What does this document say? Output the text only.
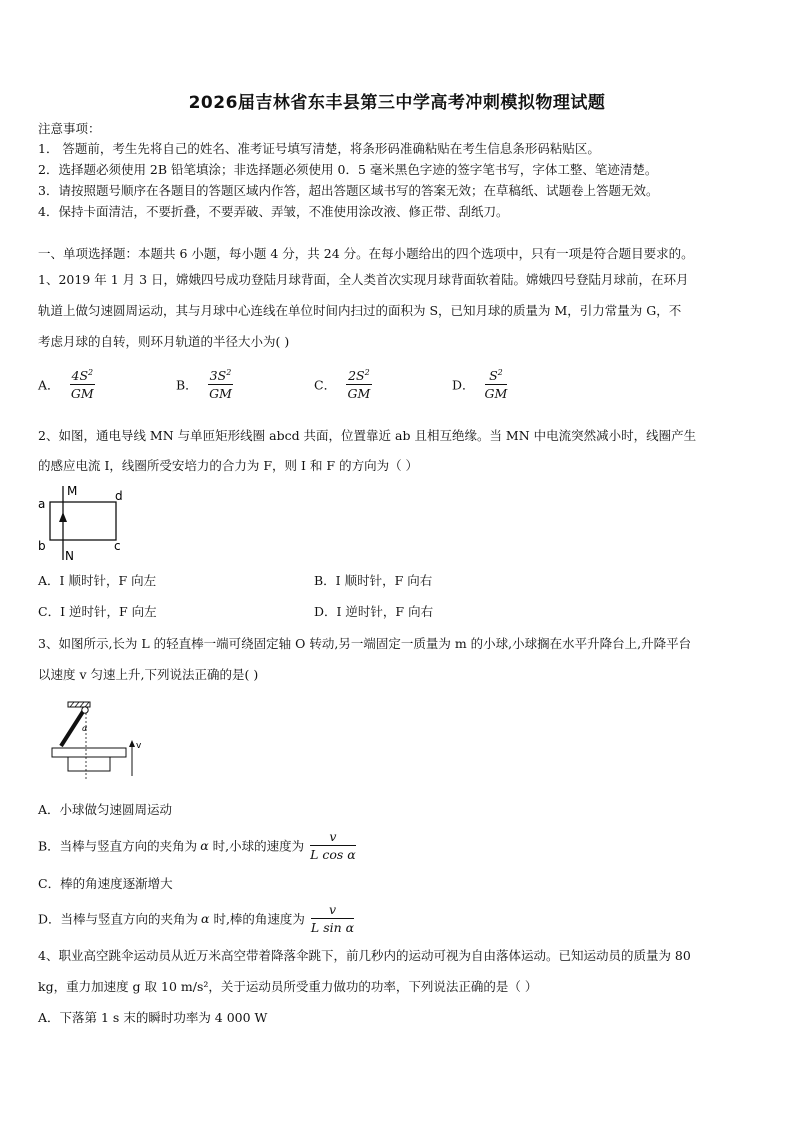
2026届吉林省东丰县第三中学高考冲刺模拟物理试题
注意事项：
1． 答题前，考生先将自己的姓名、准考证号填写清楚，将条形码准确粘贴在考生信息条形码粘贴区。
2．选择题必须使用 2B 铅笔填涂；非选择题必须使用 0．5 毫米黑色字迹的签字笔书写，字体工整、笔迹清楚。
3．请按照题号顺序在各题目的答题区域内作答，超出答题区域书写的答案无效；在草稿纸、试题卷上答题无效。
4．保持卡面清洁，不要折叠，不要弄破、弄皱，不准使用涂改液、修正带、刮纸刀。
一、单项选择题：本题共 6 小题，每小题 4 分，共 24 分。在每小题给出的四个选项中，只有一项是符合题目要求的。
1、2019 年 1 月 3 日，嫦娥四号成功登陆月球背面，全人类首次实现月球背面软着陆。嫦娥四号登陆月球前，在环月
轨道上做匀速圆周运动，其与月球中心连线在单位时间内扫过的面积为 S，已知月球的质量为 M，引力常量为 G，不
考虑月球的自转，则环月轨道的半径大小为( )
A． $\frac{4S^2}{GM}$	B． $\frac{3S^2}{GM}$	C． $\frac{2S^2}{GM}$	D． $\frac{S^2}{GM}$
2、如图，通电导线 MN 与单匝矩形线圈 abcd 共面，位置靠近 ab 且相互绝缘。当 MN 中电流突然减小时，线圈产生
的感应电流 I，线圈所受安培力的合力为 F，则 I 和 F 的方向为（ ）
M
N
a
b	c
d
A．I 顺时针，F 向左	B．I 顺时针，F 向右
C．I 逆时针，F 向左	D．I 逆时针，F 向右
3、如图所示,长为 L 的轻直棒一端可绕固定轴 O 转动,另一端固定一质量为 m 的小球,小球搁在水平升降台上,升降平台
以速度 v 匀速上升,下列说法正确的是( )
α
v
A．小球做匀速圆周运动
B．当棒与竖直方向的夹角为 α 时,小球的速度为 $\frac{v}{\text{L cos α}}$
C．棒的角速度逐渐增大
D．当棒与竖直方向的夹角为 α 时,棒的角速度为 $\frac{v}{\text{L sin α}}$
4、职业高空跳伞运动员从近万米高空带着降落伞跳下，前几秒内的运动可视为自由落体运动。已知运动员的质量为 80
kg，重力加速度 g 取 10 m/s²，关于运动员所受重力做功的功率，下列说法正确的是（ ）
A．下落第 1 s 末的瞬时功率为 4 000 W
